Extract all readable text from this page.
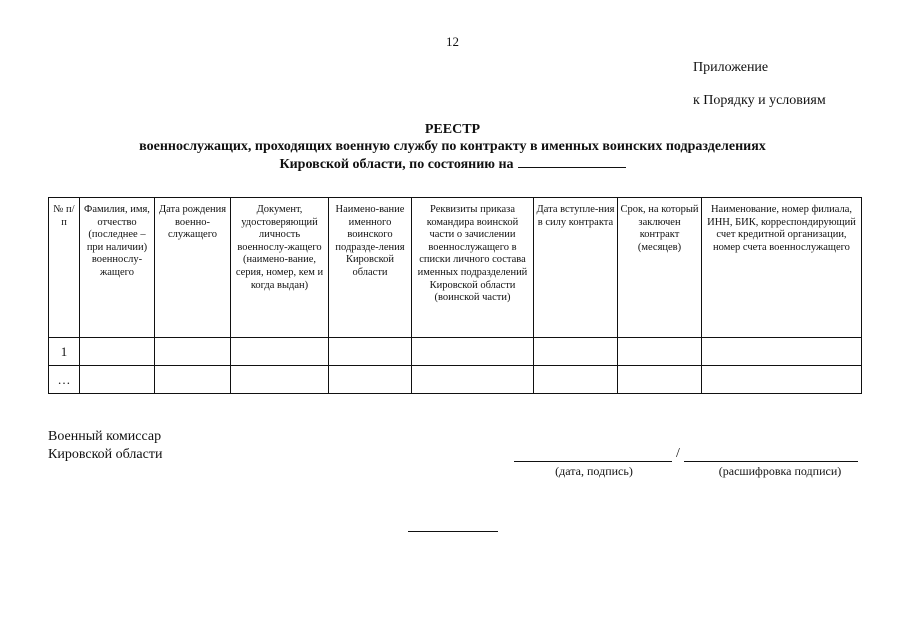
12
Приложение
к Порядку и условиям
РЕЕСТР
военнослужащих, проходящих военную службу по контракту в именных воинских подразделениях
Кировской области, по состоянию на
№ п/п	Фамилия, имя, отчество (последнее – при наличии) военнослу-жащего	Дата рождения военно-служащего	Документ, удостоверяющий личность военнослу-жащего (наимено-вание, серия, номер, кем и когда выдан)	Наимено-вание именного воинского подразде-ления Кировской области	Реквизиты приказа командира воинской части о зачислении военнослужащего в списки личного состава именных подразделений Кировской области (воинской части)	Дата вступле-ния в силу контракта	Срок, на который заключен контракт (месяцев)	Наименование, номер филиала, ИНН, БИК, корреспондирующий счет кредитной организации, номер счета военнослужащего
1								
…								
Военный комиссар
Кировской области	/
(дата, подпись)	(расшифровка подписи)
